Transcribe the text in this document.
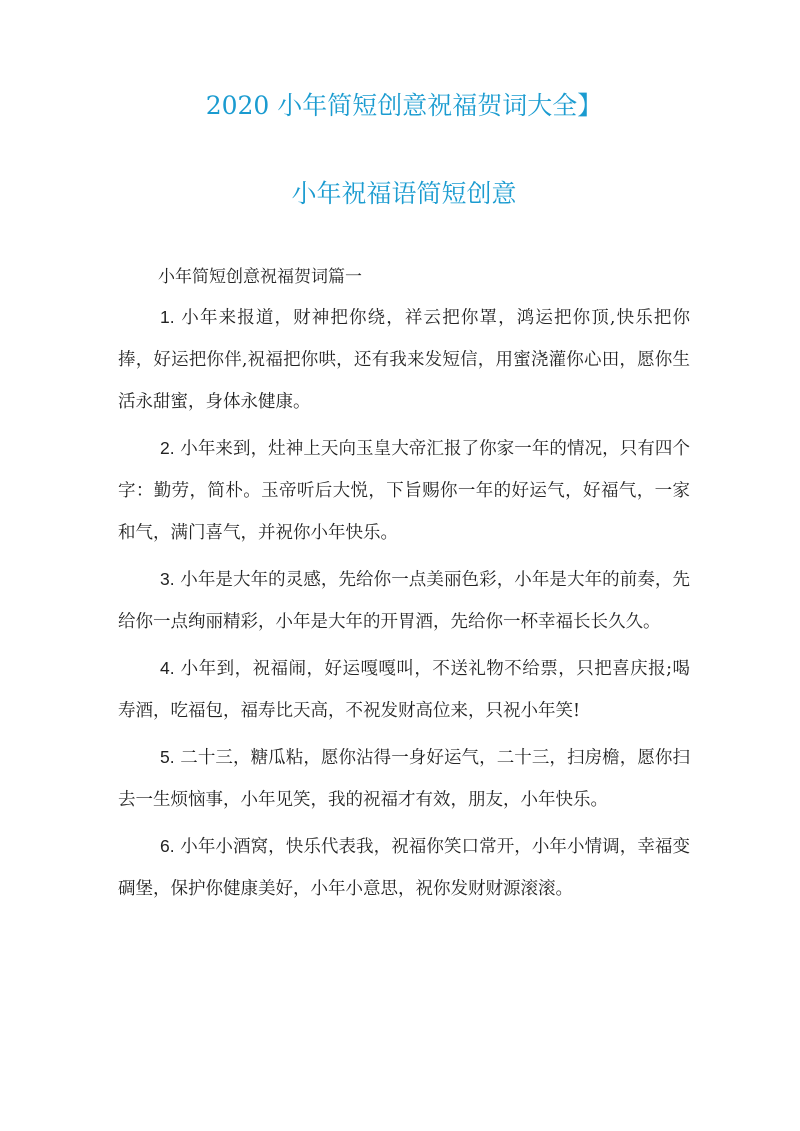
2020 小年简短创意祝福贺词大全】
小年祝福语简短创意
小年简短创意祝福贺词篇一

1. 小年来报道，财神把你绕，祥云把你罩，鸿运把你顶,快乐把你捧，好运把你伴,祝福把你哄，还有我来发短信，用蜜浇灌你心田，愿你生活永甜蜜，身体永健康。

2. 小年来到，灶神上天向玉皇大帝汇报了你家一年的情况，只有四个字：勤劳，简朴。玉帝听后大悦，下旨赐你一年的好运气，好福气，一家和气，满门喜气，并祝你小年快乐。

3. 小年是大年的灵感，先给你一点美丽色彩，小年是大年的前奏，先给你一点绚丽精彩，小年是大年的开胃酒，先给你一杯幸福长长久久。

4. 小年到，祝福闹，好运嘎嘎叫，不送礼物不给票，只把喜庆报;喝寿酒，吃福包，福寿比天高，不祝发财高位来，只祝小年笑!

5. 二十三，糖瓜粘，愿你沾得一身好运气，二十三，扫房檐，愿你扫去一生烦恼事，小年见笑，我的祝福才有效，朋友，小年快乐。

6. 小年小酒窝，快乐代表我，祝福你笑口常开，小年小情调，幸福变碉堡，保护你健康美好，小年小意思，祝你发财财源滚滚。
